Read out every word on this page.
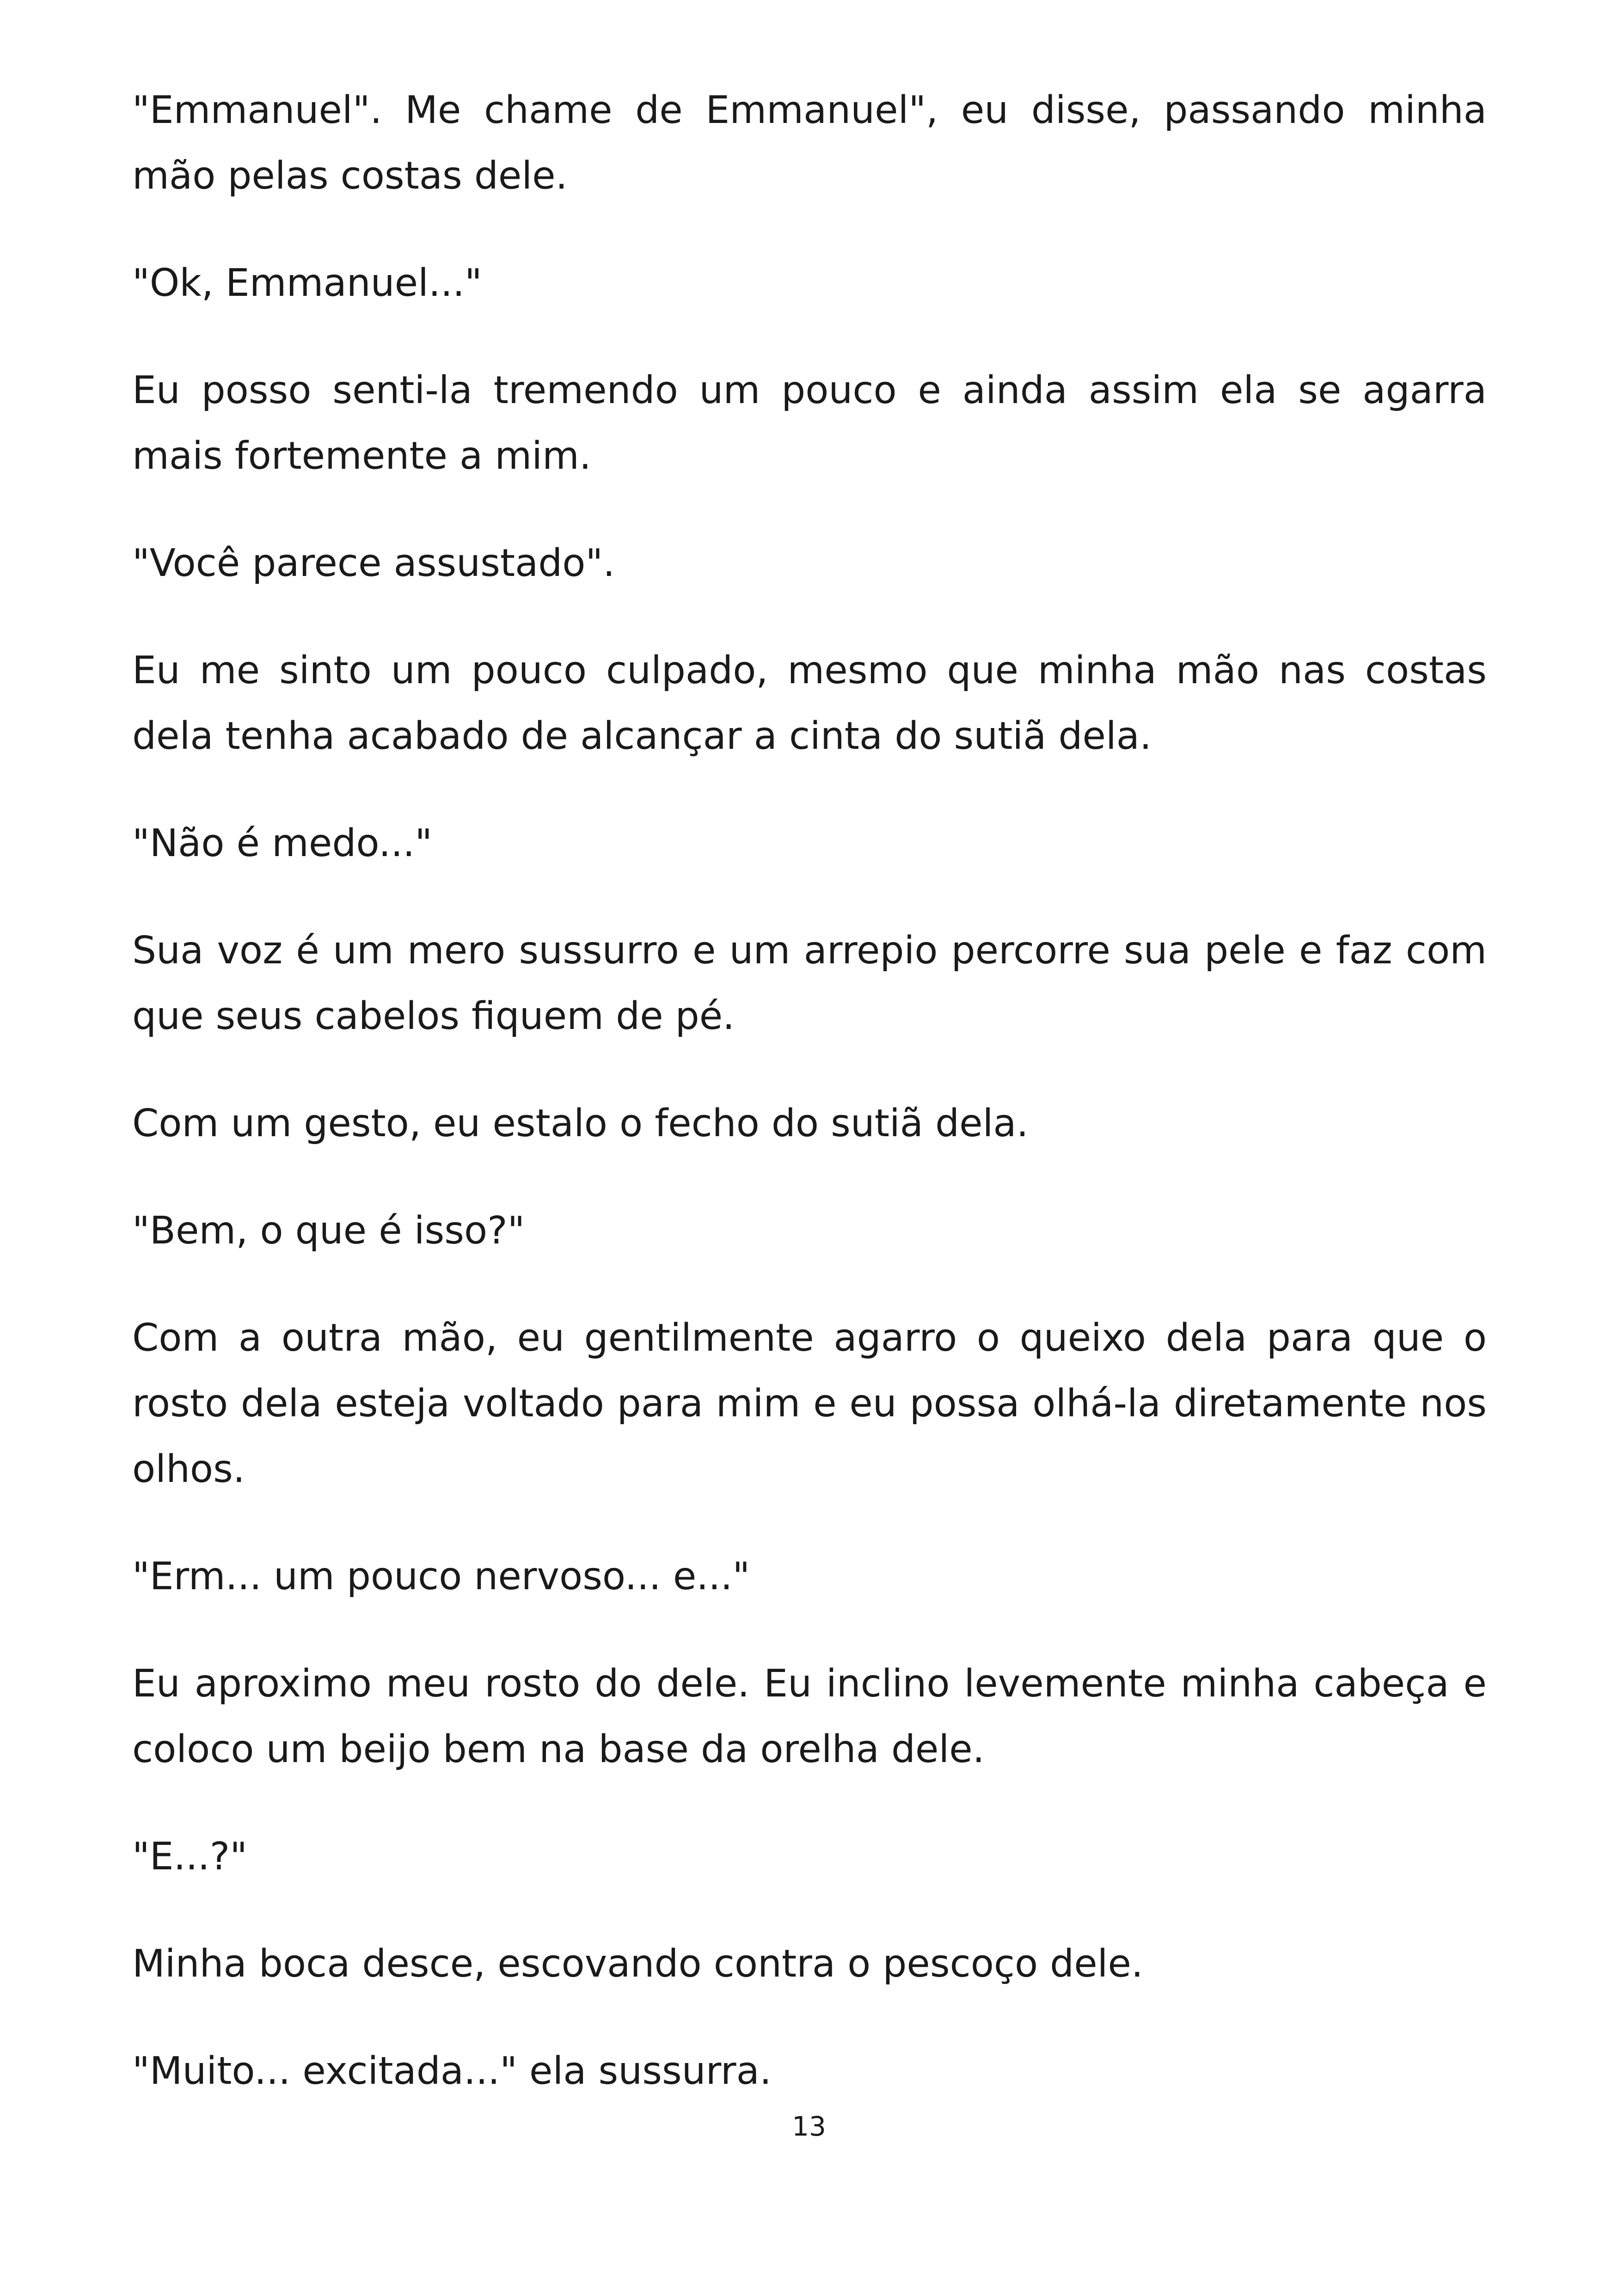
"Emmanuel". Me chame de Emmanuel", eu disse, passando minha mão pelas costas dele.

"Ok, Emmanuel..."

Eu posso senti-la tremendo um pouco e ainda assim ela se agarra mais fortemente a mim.

"Você parece assustado".

Eu me sinto um pouco culpado, mesmo que minha mão nas costas dela tenha acabado de alcançar a cinta do sutiã dela.

"Não é medo..."

Sua voz é um mero sussurro e um arrepio percorre sua pele e faz com que seus cabelos fiquem de pé.

Com um gesto, eu estalo o fecho do sutiã dela.

"Bem, o que é isso?"

Com a outra mão, eu gentilmente agarro o queixo dela para que o rosto dela esteja voltado para mim e eu possa olhá-la diretamente nos olhos.

"Erm... um pouco nervoso... e..."

Eu aproximo meu rosto do dele. Eu inclino levemente minha cabeça e coloco um beijo bem na base da orelha dele.

"E...?"

Minha boca desce, escovando contra o pescoço dele.

"Muito... excitada..." ela sussurra.

13
